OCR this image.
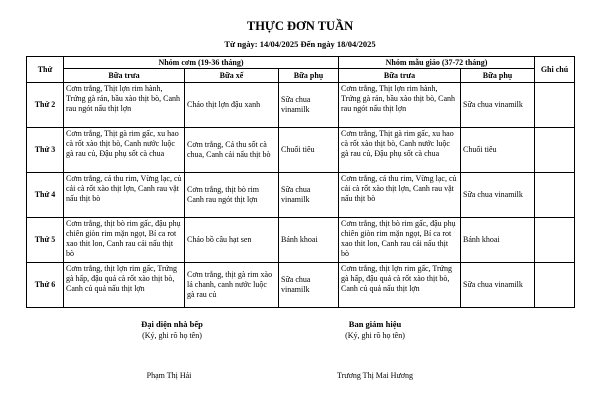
THỰC ĐƠN TUẦN
Từ ngày: 14/04/2025 Đến ngày 18/04/2025
Thứ	Nhóm cơm (19-36 tháng)			Nhóm mẫu giáo (37-72 tháng)		Ghi chú
	Bữa trưa	Bữa xế	Bữa phụ	Bữa trưa	Bữa phụ	
Thứ 2	Cơm trắng, Thịt lợn rim hành, Trứng gà rán, bầu xào thịt bò, Canh rau ngót nấu thịt lợn	Cháo thịt lợn đậu xanh	Sữa chua vinamilk	Cơm trắng, Thịt lợn rim hành, Trứng gà rán, bầu xào thịt bò, Canh rau ngót nấu thịt lợn	Sữa chua vinamilk	
Thứ 3	Cơm trắng, Thịt gà rim gấc, xu hao cà rốt xào thịt bò, Canh nước luộc gà rau củ, Đậu phụ sốt cà chua	Cơm trắng, Cá thu sốt cà chua, Canh cải nấu thịt bò	Chuối tiêu	Cơm trắng, Thịt gà rim gấc, xu hao cà rốt xào thịt bò, Canh nước luộc gà rau củ, Đậu phụ sốt cà chua	Chuối tiêu	
Thứ 4	Cơm trắng, cá thu rim, Vừng lạc, củ cải cà rốt xào thịt lợn, Canh rau vặt nấu thịt bò	Cơm trắng, thịt bò rim Canh rau ngót thịt lợn	Sữa chua vinamilk	Cơm trắng, cá thu rim, Vừng lạc, củ cải cà rốt xào thịt lợn, Canh rau vặt nấu thịt bò	Sữa chua vinamilk	
Thứ 5	Cơm trắng, thịt bò rim gấc, đậu phụ chiên giòn rim mặn ngọt, Bí ca rot xao thit lon, Canh rau cải nấu thịt bò	Cháo bồ câu hạt sen	Bánh khoai	Cơm trắng, thịt bò rim gấc, đậu phụ chiên giòn rim mặn ngọt, Bí ca rot xao thit lon, Canh rau cải nấu thịt bò	Bánh khoai	
Thứ 6	Cơm trắng, thịt lợn rim gấc, Trứng gà hấp, đậu quả cà rốt xào thịt bò, Canh củ quả nấu thịt lợn	Cơm trắng, thịt gà rim xào lá chanh, canh nước luộc gà rau củ	Sữa chua vinamilk	Cơm trắng, thịt lợn rim gấc, Trứng gà hấp, đậu quả cà rốt xào thịt bò, Canh củ quả nấu thịt lợn	Sữa chua vinamilk	
Đại diện nhà bếp
(Ký, ghi rõ họ tên)
Ban giám hiệu
(Ký, ghi rõ họ tên)
Phạm Thị Hải	Trương Thị Mai Hương
